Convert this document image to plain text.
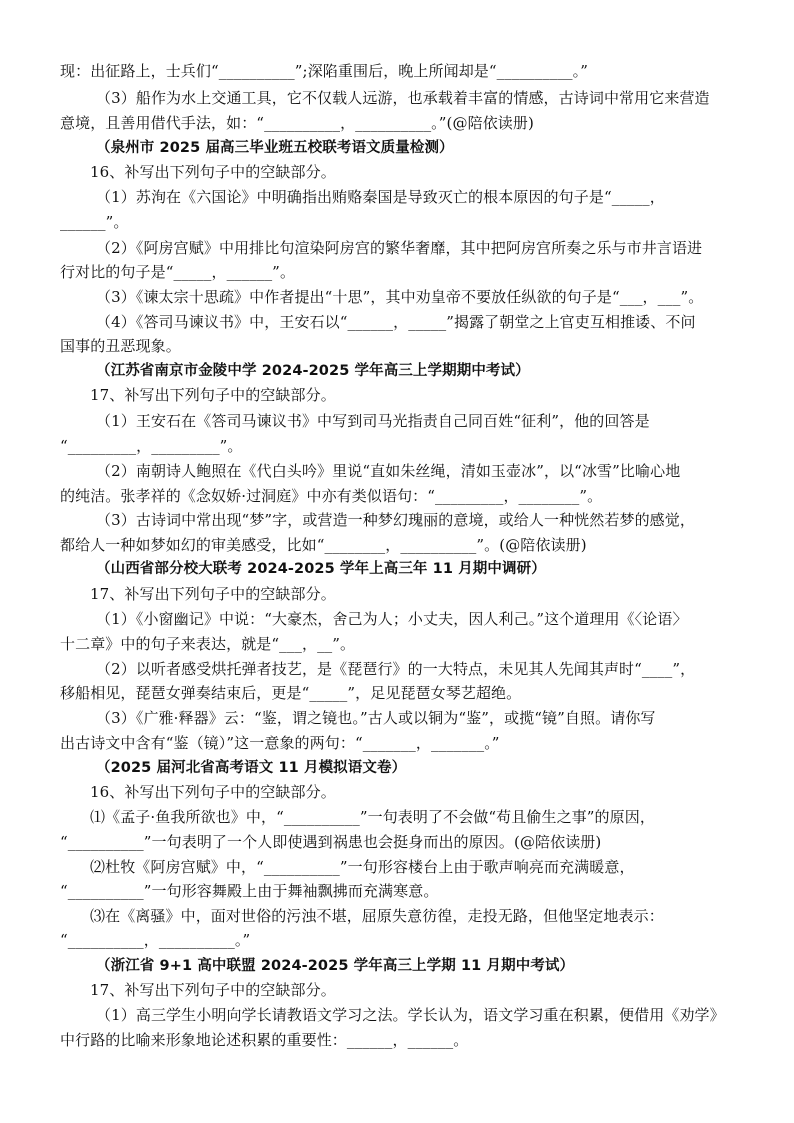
现：出征路上，士兵们“__________”;深陷重围后，晚上所闻却是“__________。”
（3）船作为水上交通工具，它不仅载人远游，也承载着丰富的情感，古诗词中常用它来营造
意境，且善用借代手法，如：“__________，__________。”(@陪依读册)
（泉州市 2025 届高三毕业班五校联考语文质量检测）
16、补写出下列句子中的空缺部分。
（1）苏洵在《六国论》中明确指出贿赂秦国是导致灭亡的根本原因的句子是“_____，
______”。
（2）《阿房宫赋》中用排比句渲染阿房宫的繁华奢靡，其中把阿房宫所奏之乐与市井言语进
行对比的句子是“_____，______”。
（3）《谏太宗十思疏》中作者提出“十思”，其中劝皇帝不要放任纵欲的句子是“___，___”。
（4）《答司马谏议书》中，王安石以“______，_____”揭露了朝堂之上官吏互相推诿、不问
国事的丑恶现象。
（江苏省南京市金陵中学 2024-2025 学年高三上学期期中考试）
17、补写出下列句子中的空缺部分。
（1）王安石在《答司马谏议书》中写到司马光指责自己同百姓“征利”，他的回答是
“_________，_________”。
（2）南朝诗人鲍照在《代白头吟》里说“直如朱丝绳，清如玉壶冰”，以“冰雪”比喻心地
的纯洁。张孝祥的《念奴娇·过洞庭》中亦有类似语句：“_________，________”。
（3）古诗词中常出现“梦”字，或营造一种梦幻瑰丽的意境，或给人一种恍然若梦的感觉，
都给人一种如梦如幻的审美感受，比如“________，__________”。(@陪依读册)
（山西省部分校大联考 2024-2025 学年上高三年 11 月期中调研）
17、补写出下列句子中的空缺部分。
（1）《小窗幽记》中说：“大豪杰，舍己为人；小丈夫，因人利己。”这个道理用《〈论语〉
十二章》中的句子来表达，就是“___，__”。
（2）以听者感受烘托弹者技艺，是《琵琶行》的一大特点，未见其人先闻其声时“____”，
移船相见，琵琶女弹奏结束后，更是“_____”，足见琵琶女琴艺超绝。
（3）《广雅·释器》云：“鉴，谓之镜也。”古人或以铜为“鉴”，或揽“镜”自照。请你写
出古诗文中含有“鉴（镜）”这一意象的两句：“_______，_______。”
（2025 届河北省高考语文 11 月模拟语文卷）
16、补写出下列句子中的空缺部分。
⑴《孟子·鱼我所欲也》中，“__________”一句表明了不会做“苟且偷生之事”的原因，
“__________”一句表明了一个人即使遇到祸患也会挺身而出的原因。(@陪依读册)
⑵杜牧《阿房宫赋》中，“__________”一句形容楼台上由于歌声响亮而充满暖意，
“__________”一句形容舞殿上由于舞袖飘拂而充满寒意。
⑶在《离骚》中，面对世俗的污浊不堪，屈原失意彷徨，走投无路，但他坚定地表示：
“__________，__________。”
（浙江省 9+1 高中联盟 2024-2025 学年高三上学期 11 月期中考试）
17、补写出下列句子中的空缺部分。
（1）高三学生小明向学长请教语文学习之法。学长认为，语文学习重在积累，便借用《劝学》
中行路的比喻来形象地论述积累的重要性：______，______。
